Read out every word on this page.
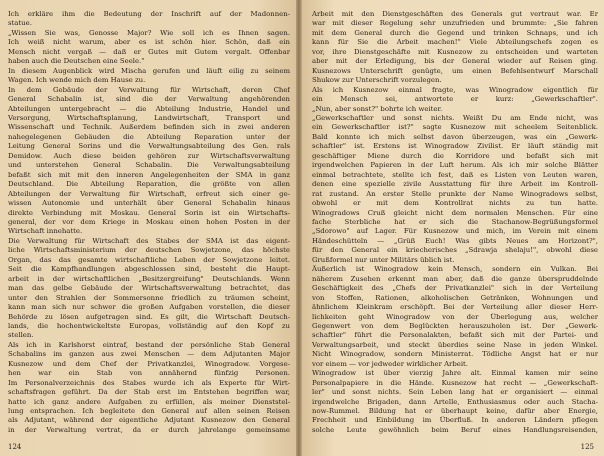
Ich erkläre ihm die Bedeutung der Inschrift auf der Madonnen-
statue.
„Wissen Sie was, Genosse Major? Wie soll ich es Ihnen sagen.
Ich weiß nicht warum, aber es ist schön hier. Schön, daß ein
Mensch nicht vergaß — daß er Gutes mit Gutem vergalt. Offenbar
haben auch die Deutschen eine Seele."
In diesem Augenblick wird Mischa gerufen und läuft eilig zu seinem
Wagen. Ich wende mich dem Hause zu.
In dem Gebäude der Verwaltung für Wirtschaft, deren Chef
General Schabalin ist, sind die der Verwaltung angehörenden
Abteilungen untergebracht — die Abteilung Industrie, Handel und
Versorgung, Wirtschaftsplanung, Landwirtschaft, Transport und
Wissenschaft und Technik. Außerdem befinden sich in zwei anderen
nahegelegenen Gebäuden die Abteilung Reparation unter der
Leitung General Sorins und die Verwaltungsabteilung des Gen. rals
Demidow. Auch diese beiden gehören zur Wirtschaftsverwaltung
und unterstehen General Schabalin. Die Verwaltungsabteilung
befaßt sich mit mit den inneren Angelegenheiten der SMA in ganz
Deutschland. Die Abteilung Reparation, die größte von allen
Abteilungen der Verwaltung für Wirtschaft, erfreut sich einer ge-
wissen Autonomie und unterhält über General Schabalin hinaus
direkte Verbindung mit Moskau. General Sorin ist ein Wirtschafts-
general, der vor dem Kriege in Moskau einen hohen Posten in der
Wirtschaft innehatte.
Die Verwaltung für Wirtschaft des Stabes der SMA ist das eigent-
liche Wirtschaftsministerium der deutschen Sowjetzone, das höchste
Organ, das das gesamte wirtschaftliche Leben der Sowjetzone leitet.
Seit die Kampfhandlungen abgeschlossen sind, besteht die Haupt-
arbeit in der wirtschaftlichen „Besitzergreifung" Deutschlands. Wenn
man das gelbe Gebäude der Wirtschaftsverwaltung betrachtet, das
unter den Strahlen der Sommersonne friedlich zu träumen scheint,
kann man sich nur schwer die großen Aufgaben vorstellen, die dieser
Behörde zu lösen aufgetragen sind. Es gilt, die Wirtschaft Deutsch-
lands, die hochentwickeltste Europas, vollständig auf den Kopf zu
stellen.
Als ich in Karlshorst eintraf, bestand der persönliche Stab General
Schabalins im ganzen aus zwei Menschen — dem Adjutanten Major
Kusnezow und dem Chef der Privatkanzlei, Winogradow. Vorgese-
hen war ein Stab von annähernd fünfzig Personen.
Im Personalverzeichnis des Stabes wurde ich als Experte für Wirt-
schaftsfragen geführt. Da der Stab erst im Entstehen begriffen war,
hatte ich ganz andere Aufgaben zu erfüllen, als meiner Dienststel-
lung entsprachen. Ich begleitete den General auf allen seinen Reisen
als Adjutant, während der eigentliche Adjutant Kusnezow den General
in der Verwaltung vertrat, da er durch jahrelange gemeinsame
124
Arbeit mit den Dienstgeschäften des Generals gut vertraut war. Er
war mit dieser Regelung sehr unzufrieden und brummte: „Sie fahren
mit dem General durch die Gegend und trinken Schnaps, und ich
kann für Sie die Arbeit machen!" Viele Abteilungschefs zogen es
vor, ihre Dienstgeschäfte mit Kusnezow zu entscheiden und warteten
aber mit der Erledigung, bis der General wieder auf Reisen ging.
Kusnezows Unterschrift genügte, um einen Befehlsentwurf Marschall
Shukow zur Unterschrift vorzulegen.
Als ich Kusnezow einmal fragte, was Winogradow eigentlich für
ein Mensch sei, antwortete er kurz: „Gewerkschaftler".
„Nun, aber sonst?" bohrte ich weiter.
„Gewerkschaftler und sonst nichts. Weißt Du am Ende nicht, was
ein Gewerkschaftler ist?" sagte Kusnezow mit scheelem Seitenblick.
Bald konnte ich mich selbst davon überzeugen, was ein „Gewerk-
schaftler" ist. Erstens ist Winogradow Zivilist. Er läuft ständig mit
geschäftiger Miene durch die Korridore und befaßt sich mit
irgendwelchen Papieren in der Luft herum. Als ich mir solche Blätter
einmal betrachtete, stellte ich fest, daß es Listen von Leuten waren,
denen eine spezielle zivile Ausstattung für ihre Arbeit im Kontroll-
rat zustand. An erster Stelle prunkte der Name Winogradows selbst,
obwohl er mit dem Kontrollrat nichts zu tun hatte.
Winogradows Cruß gleicht nicht dem normalen Menschen. Für eine
fache Sterbliche hat er sich die Stachanow-Begrüßungsformel
„Sdorowo" auf Lager. Für Kusnezow und mich, im Verein mit einem
Händeschütteln — „Grüß Euch! Was gibts Neues am Horizont?",
für den General ein kriecherisches „Sdrawja shelaju!", obwohl diese
Grußformel nur unter Militärs üblich ist.
Äußerlich ist Winogradow kein Mensch, sondern ein Vulkan. Bei
näherem Zusehen erkennt man aber, daß die ganze überspruddelnde
Geschäftigkeit des „Chefs der Privatkanzlei" sich in der Verteilung
von Stoffen, Rationen, alkoholischen Getränken, Wohnungen und
ähnlichem Kleinkram erschöpft. Bei der Verteilung aller dieser Herr-
lichkeiten geht Winogradow von der Überlegung aus, welcher
Gegenwert von dem Beglückten herauszuholen ist. Der „Gewerk-
schaftler" führt die Personalakten, befaßt sich mit der Partei- und
Verwaltungsarbeit, und steckt überdies seine Nase in jeden Winkel.
Nicht Winogradow, sondern Ministerrat. Tödliche Angst hat er nur
vor einem — vor jedweder wirklicher Arbeit.
Winogradow ist über vierzig Jahre alt. Einmal kamen mir seine
Personalpapiere in die Hände. Kusnezow hat recht — „Gewerkschaft-
ler" und sonst nichts. Sein Leben lang hat er organisiert — einmal
irgendwelche Brigaden, dann Artelle, Enthusiasmus oder auch Stacha-
now-Rummel. Bildung hat er überhaupt keine, dafür aber Energie,
Frechheit und Einbildung im Überfluß. In anderen Ländern pflegen
solche Leute gewöhnlich beim Beruf eines Handlungsreisenden,
125
